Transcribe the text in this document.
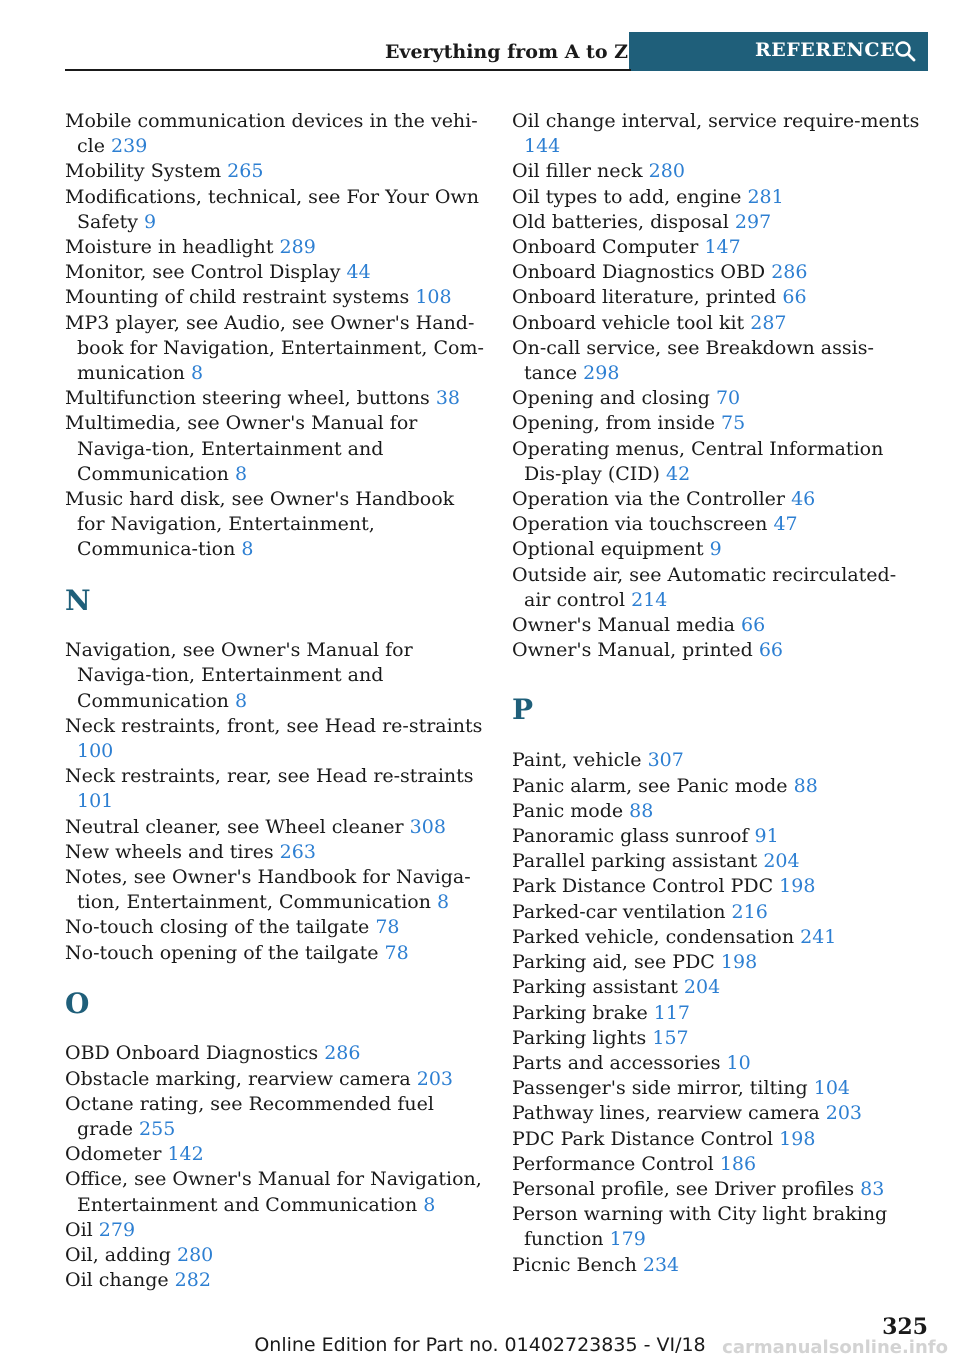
Everything from A to Z	REFERENCE
Mobile communication devices in the vehi‐cle 239
Mobility System 265
Modifications, technical, see For Your Own Safety 9
Moisture in headlight 289
Monitor, see Control Display 44
Mounting of child restraint systems 108
MP3 player, see Audio, see Owner's Hand‐book for Navigation, Entertainment, Com‐munication 8
Multifunction steering wheel, buttons 38
Multimedia, see Owner's Manual for Naviga‐tion, Entertainment and Communication 8
Music hard disk, see Owner's Handbook for Navigation, Entertainment, Communica‐tion 8
N
Navigation, see Owner's Manual for Naviga‐tion, Entertainment and Communication 8
Neck restraints, front, see Head re‐straints 100
Neck restraints, rear, see Head re‐straints 101
Neutral cleaner, see Wheel cleaner 308
New wheels and tires 263
Notes, see Owner's Handbook for Naviga‐tion, Entertainment, Communication 8
No-touch closing of the tailgate 78
No-touch opening of the tailgate 78
O
OBD Onboard Diagnostics 286
Obstacle marking, rearview camera 203
Octane rating, see Recommended fuel grade 255
Odometer 142
Office, see Owner's Manual for Navigation, Entertainment and Communication 8
Oil 279
Oil, adding 280
Oil change 282
Oil change interval, service require‐ments 144
Oil filler neck 280
Oil types to add, engine 281
Old batteries, disposal 297
Onboard Computer 147
Onboard Diagnostics OBD 286
Onboard literature, printed 66
Onboard vehicle tool kit 287
On-call service, see Breakdown assis‐tance 298
Opening and closing 70
Opening, from inside 75
Operating menus, Central Information Dis‐play (CID) 42
Operation via the Controller 46
Operation via touchscreen 47
Optional equipment 9
Outside air, see Automatic recirculated-air control 214
Owner's Manual media 66
Owner's Manual, printed 66
P
Paint, vehicle 307
Panic alarm, see Panic mode 88
Panic mode 88
Panoramic glass sunroof 91
Parallel parking assistant 204
Park Distance Control PDC 198
Parked-car ventilation 216
Parked vehicle, condensation 241
Parking aid, see PDC 198
Parking assistant 204
Parking brake 117
Parking lights 157
Parts and accessories 10
Passenger's side mirror, tilting 104
Pathway lines, rearview camera 203
PDC Park Distance Control 198
Performance Control 186
Personal profile, see Driver profiles 83
Person warning with City light braking function 179
Picnic Bench 234
325
Online Edition for Part no. 01402723835 - VI/18 carmanualsonline.info
